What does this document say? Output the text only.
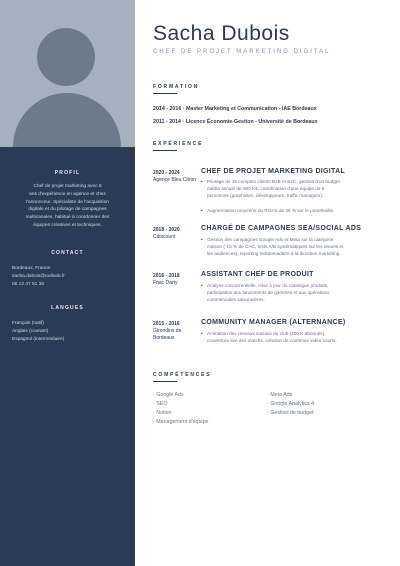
PROFIL
Chef de projet marketing avec 8
ans d'expérience en agence et chez
l'annonceur. Spécialiste de l'acquisition
digitale et du pilotage de campagnes
multicanales, habitué à coordonner des
équipes créatives et techniques.
CONTACT
Bordeaux, France
sacha.dubois@outlook.fr
06 12 47 51 36
LANGUES
Français (natif)
Anglais (courant)
Espagnol (intermédiaire)
Sacha Dubois
CHEF DE PROJET MARKETING DIGITAL
FORMATION
2014 - 2016 · Master Marketing et Communication - IAE Bordeaux
2011 - 2014 · Licence Économie-Gestion - Université de Bordeaux
EXPÉRIENCE
2020 - 2024
Agence Bleu Citron
CHEF DE PROJET MARKETING DIGITAL
• Pilotage de 15 comptes clients B2B et B2C, gestion d'un budget
média annuel de 900 K€, coordination d'une équipe de 6
personnes (graphistes, développeurs, traffic managers).
• Augmentation moyenne du ROAS de 35 % sur le portefeuille.
2018 - 2020
Cdiscount
CHARGÉ DE CAMPAGNES SEA/SOCIAL ADS
• Gestion des campagnes Google Ads et Meta sur la catégorie
maison (-15 % de CAC, tests A/B systématiques sur les visuels et
les audiences), reporting hebdomadaire à la direction marketing.
2016 - 2018
Fnac Darty
ASSISTANT CHEF DE PRODUIT
• Analyse concurrentielle, mise à jour du catalogue produits,
participation aux lancements de gammes et aux opérations
commerciales saisonnières.
2015 - 2016
Girondins de Bordeaux
COMMUNITY MANAGER (ALTERNANCE)
• Animation des réseaux sociaux du club (400 K abonnés),
couverture live des matchs, création de contenus vidéo courts.
COMPÉTENCES
· Google Ads
· SEO
· Notion
· Management d'équipe
· Meta Ads
· Google Analytics 4
· Gestion de budget
